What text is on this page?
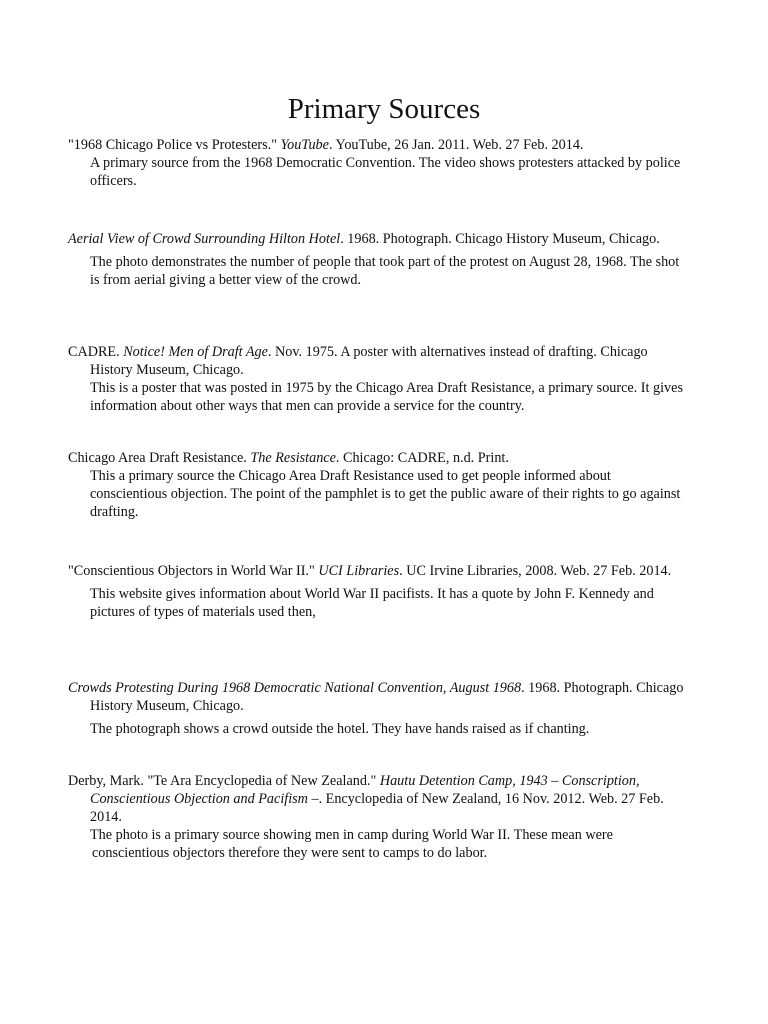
Primary Sources

"1968 Chicago Police vs Protesters." YouTube. YouTube, 26 Jan. 2011. Web. 27 Feb. 2014.

A primary source from the 1968 Democratic Convention. The video shows protesters attacked by police officers.

Aerial View of Crowd Surrounding Hilton Hotel. 1968. Photograph. Chicago History Museum, Chicago.

The photo demonstrates the number of people that took part of the protest on August 28, 1968. The shot is from aerial giving a better view of the crowd.

CADRE. Notice! Men of Draft Age. Nov. 1975. A poster with alternatives instead of drafting. Chicago History Museum, Chicago.

This is a poster that was posted in 1975 by the Chicago Area Draft Resistance, a primary source. It gives information about other ways that men can provide a service for the country.

Chicago Area Draft Resistance. The Resistance. Chicago: CADRE, n.d. Print.

This a primary source the Chicago Area Draft Resistance used to get people informed about conscientious objection. The point of the pamphlet is to get the public aware of their rights to go against drafting.

"Conscientious Objectors in World War II." UCI Libraries. UC Irvine Libraries, 2008. Web. 27 Feb. 2014.

This website gives information about World War II pacifists. It has a quote by John F. Kennedy and pictures of types of materials used then,

Crowds Protesting During 1968 Democratic National Convention, August 1968. 1968. Photograph. Chicago History Museum, Chicago.

The photograph shows a crowd outside the hotel. They have hands raised as if chanting.

Derby, Mark. "Te Ara Encyclopedia of New Zealand." Hautu Detention Camp, 1943 – Conscription, Conscientious Objection and Pacifism –. Encyclopedia of New Zealand, 16 Nov. 2012. Web. 27 Feb. 2014.

The photo is a primary source showing men in camp during World War II. These mean were conscientious objectors therefore they were sent to camps to do labor.
